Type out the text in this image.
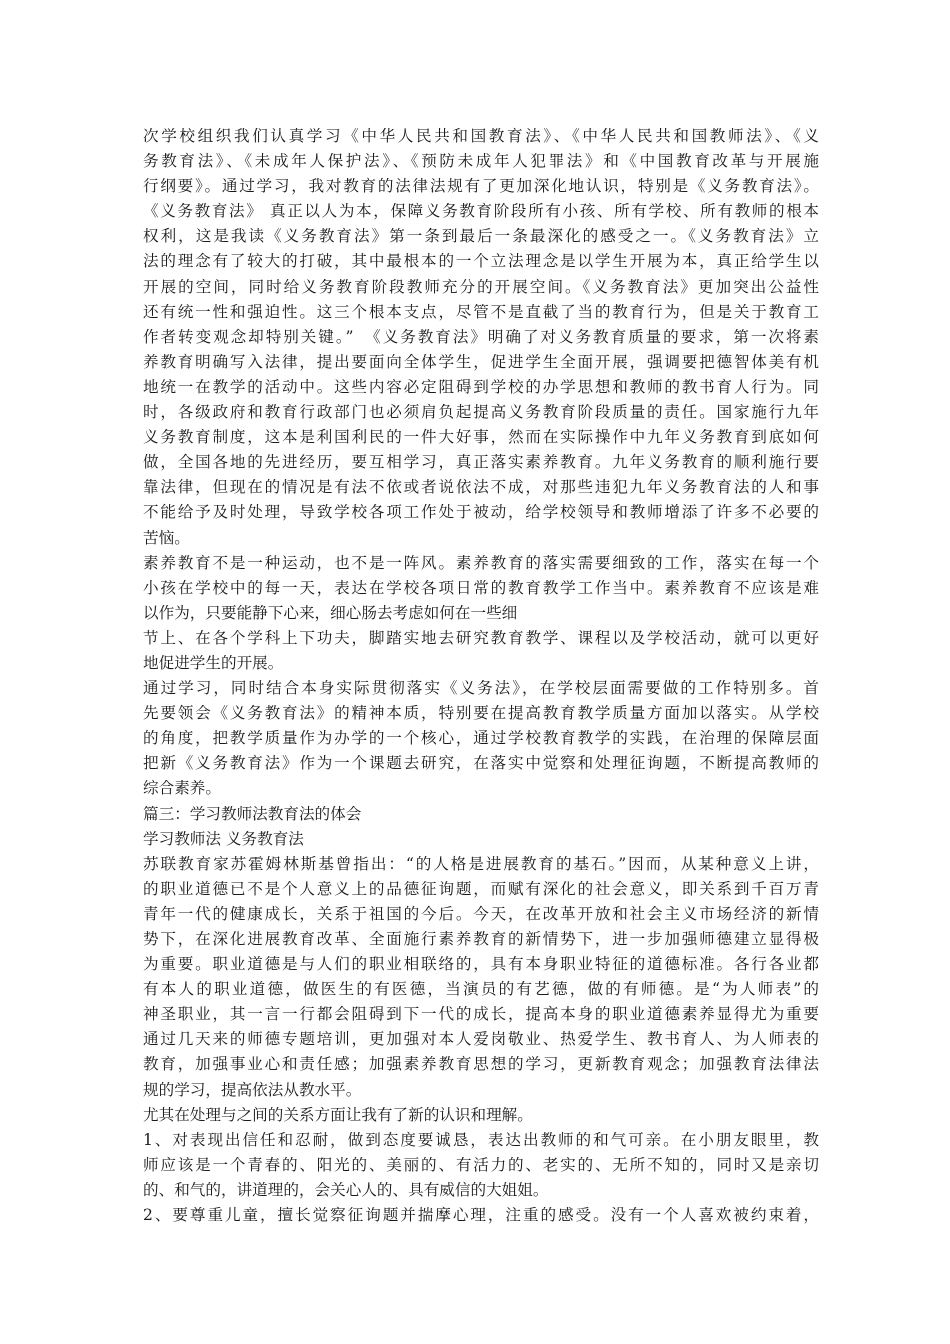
次学校组织我们认真学习《中华人民共和国教育法》、《中华人民共和国教师法》、《义
务教育法》、《未成年人保护法》、《预防未成年人犯罪法》和《中国教育改革与开展施
行纲要》。通过学习，我对教育的法律法规有了更加深化地认识，特别是《义务教育法》。
《义务教育法》 真正以人为本，保障义务教育阶段所有小孩、所有学校、所有教师的根本
权利，这是我读《义务教育法》第一条到最后一条最深化的感受之一。《义务教育法》立
法的理念有了较大的打破，其中最根本的一个立法理念是以学生开展为本，真正给学生以
开展的空间，同时给义务教育阶段教师充分的开展空间。《义务教育法》更加突出公益性
还有统一性和强迫性。这三个根本支点，尽管不是直截了当的教育行为，但是关于教育工
作者转变观念却特别关键。”　《义务教育法》明确了对义务教育质量的要求，第一次将素
养教育明确写入法律，提出要面向全体学生，促进学生全面开展，强调要把德智体美有机
地统一在教学的活动中。这些内容必定阻碍到学校的办学思想和教师的教书育人行为。同
时，各级政府和教育行政部门也必须肩负起提高义务教育阶段质量的责任。国家施行九年
义务教育制度，这本是利国利民的一件大好事，然而在实际操作中九年义务教育到底如何
做，全国各地的先进经历，要互相学习，真正落实素养教育。九年义务教育的顺利施行要
靠法律，但现在的情况是有法不依或者说依法不成，对那些违犯九年义务教育法的人和事
不能给予及时处理，导致学校各项工作处于被动，给学校领导和教师增添了许多不必要的
苦恼。
素养教育不是一种运动，也不是一阵风。素养教育的落实需要细致的工作，落实在每一个
小孩在学校中的每一天，表达在学校各项日常的教育教学工作当中。素养教育不应该是难
以作为，只要能静下心来，细心肠去考虑如何在一些细
节上、在各个学科上下功夫，脚踏实地去研究教育教学、课程以及学校活动，就可以更好
地促进学生的开展。
通过学习，同时结合本身实际贯彻落实《义务法》，在学校层面需要做的工作特别多。首
先要领会《义务教育法》的精神本质，特别要在提高教育教学质量方面加以落实。从学校
的角度，把教学质量作为办学的一个核心，通过学校教育教学的实践，在治理的保障层面
把新《义务教育法》作为一个课题去研究，在落实中觉察和处理征询题，不断提高教师的
综合素养。
篇三：学习教师法教育法的体会
学习教师法 义务教育法
苏联教育家苏霍姆林斯基曾指出：“的人格是进展教育的基石。”因而，从某种意义上讲，
的职业道德已不是个人意义上的品德征询题，而赋有深化的社会意义，即关系到千百万青
青年一代的健康成长，关系于祖国的今后。今天，在改革开放和社会主义市场经济的新情
势下，在深化进展教育改革、全面施行素养教育的新情势下，进一步加强师德建立显得极
为重要。职业道德是与人们的职业相联络的，具有本身职业特征的道德标准。各行各业都
有本人的职业道德，做医生的有医德，当演员的有艺德，做的有师德。是“为人师表”的
神圣职业，其一言一行都会阻碍到下一代的成长，提高本身的职业道德素养显得尤为重要
通过几天来的师德专题培训，更加强对本人爱岗敬业、热爱学生、教书育人、为人师表的
教育，加强事业心和责任感；加强素养教育思想的学习，更新教育观念；加强教育法律法
规的学习，提高依法从教水平。
尤其在处理与之间的关系方面让我有了新的认识和理解。
1、对表现出信任和忍耐，做到态度要诚恳，表达出教师的和气可亲。在小朋友眼里，教
师应该是一个青春的、阳光的、美丽的、有活力的、老实的、无所不知的，同时又是亲切
的、和气的，讲道理的，会关心人的、具有威信的大姐姐。
2、要尊重儿童，擅长觉察征询题并揣摩心理，注重的感受。没有一个人喜欢被约束着，
